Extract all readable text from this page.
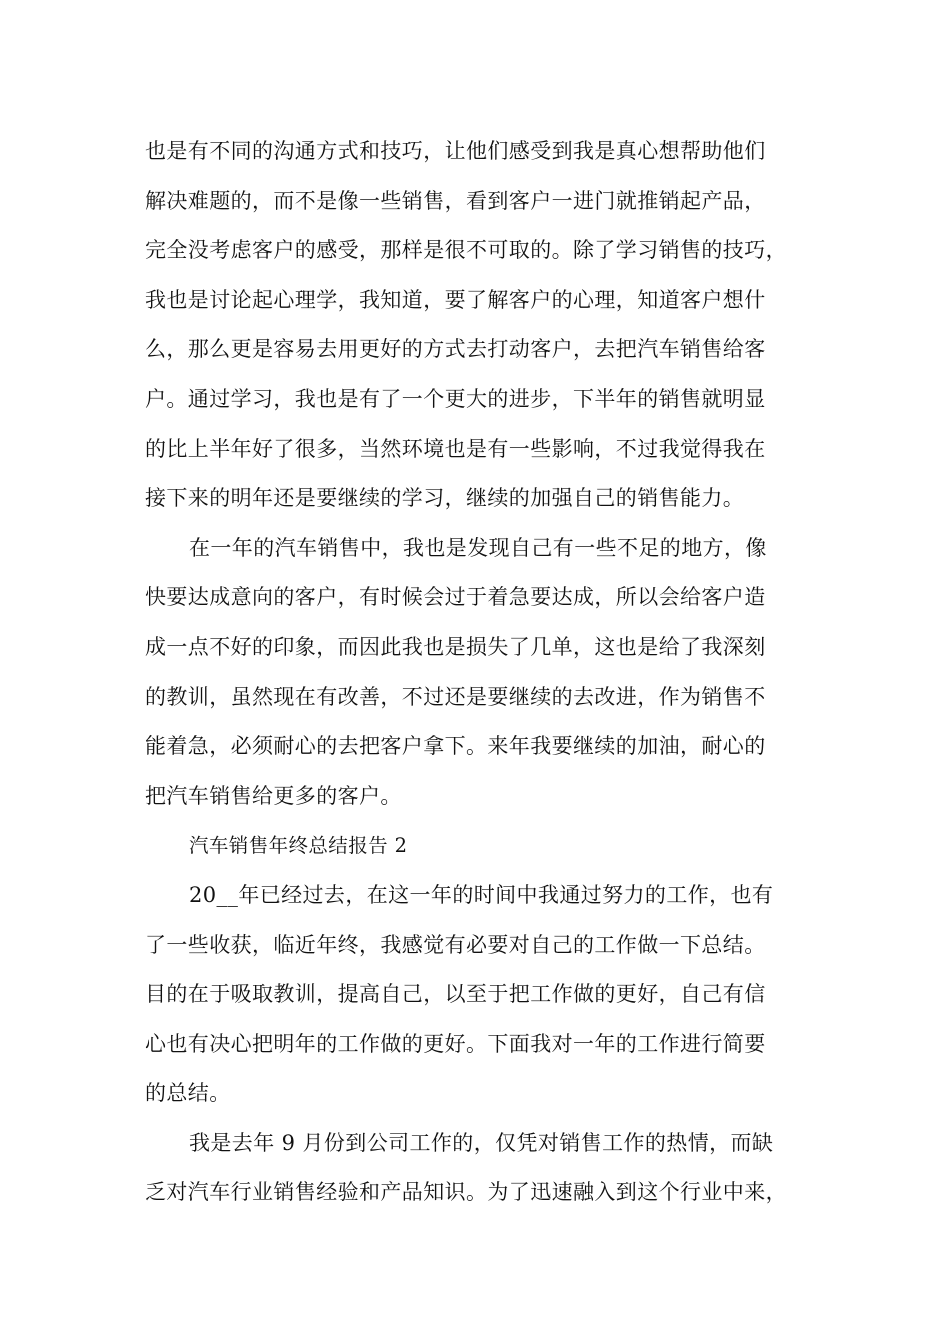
也是有不同的沟通方式和技巧，让他们感受到我是真心想帮助他们
解决难题的，而不是像一些销售，看到客户一进门就推销起产品，
完全没考虑客户的感受，那样是很不可取的。除了学习销售的技巧，
我也是讨论起心理学，我知道，要了解客户的心理，知道客户想什
么，那么更是容易去用更好的方式去打动客户，去把汽车销售给客
户。通过学习，我也是有了一个更大的进步，下半年的销售就明显
的比上半年好了很多，当然环境也是有一些影响，不过我觉得我在
接下来的明年还是要继续的学习，继续的加强自己的销售能力。
在一年的汽车销售中，我也是发现自己有一些不足的地方，像
快要达成意向的客户，有时候会过于着急要达成，所以会给客户造
成一点不好的印象，而因此我也是损失了几单，这也是给了我深刻
的教训，虽然现在有改善，不过还是要继续的去改进，作为销售不
能着急，必须耐心的去把客户拿下。来年我要继续的加油，耐心的
把汽车销售给更多的客户。
汽车销售年终总结报告 2
20__年已经过去，在这一年的时间中我通过努力的工作，也有
了一些收获，临近年终，我感觉有必要对自己的工作做一下总结。
目的在于吸取教训，提高自己，以至于把工作做的更好，自己有信
心也有决心把明年的工作做的更好。下面我对一年的工作进行简要
的总结。
我是去年 9 月份到公司工作的，仅凭对销售工作的热情，而缺
乏对汽车行业销售经验和产品知识。为了迅速融入到这个行业中来，
